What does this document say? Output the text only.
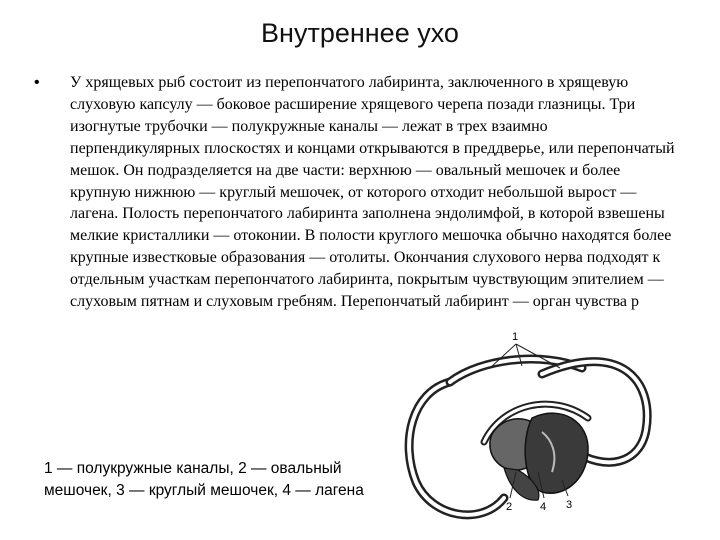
Внутреннее ухо
• У хрящевых рыб состоит из перепончатого лабиринта, заключенного в хрящевую слуховую капсулу — боковое расширение хрящевого черепа позади глазницы. Три изогнутые трубочки — полукружные каналы — лежат в трех взаимно перпендикулярных плоскостях и концами открываются в преддверье, или перепончатый мешок. Он подразделяется на две части: верхнюю — овальный мешочек и более крупную нижнюю — круглый мешочек, от которого отходит небольшой вырост — лагена. Полость перепончатого лабиринта заполнена эндолимфой, в которой взвешены мелкие кристаллики — отоконии. В полости круглого мешочка обычно находятся более крупные известковые образования — отолиты. Окончания слухового нерва подходят к отдельным участкам перепончатого лабиринта, покрытым чувствующим эпителием — слуховым пятнам и слуховым гребням. Перепончатый лабиринт — орган чувства р
1
2	4 3
1 — полукружные каналы, 2 — овальный мешочек, 3 — круглый мешочек, 4 — лагена
